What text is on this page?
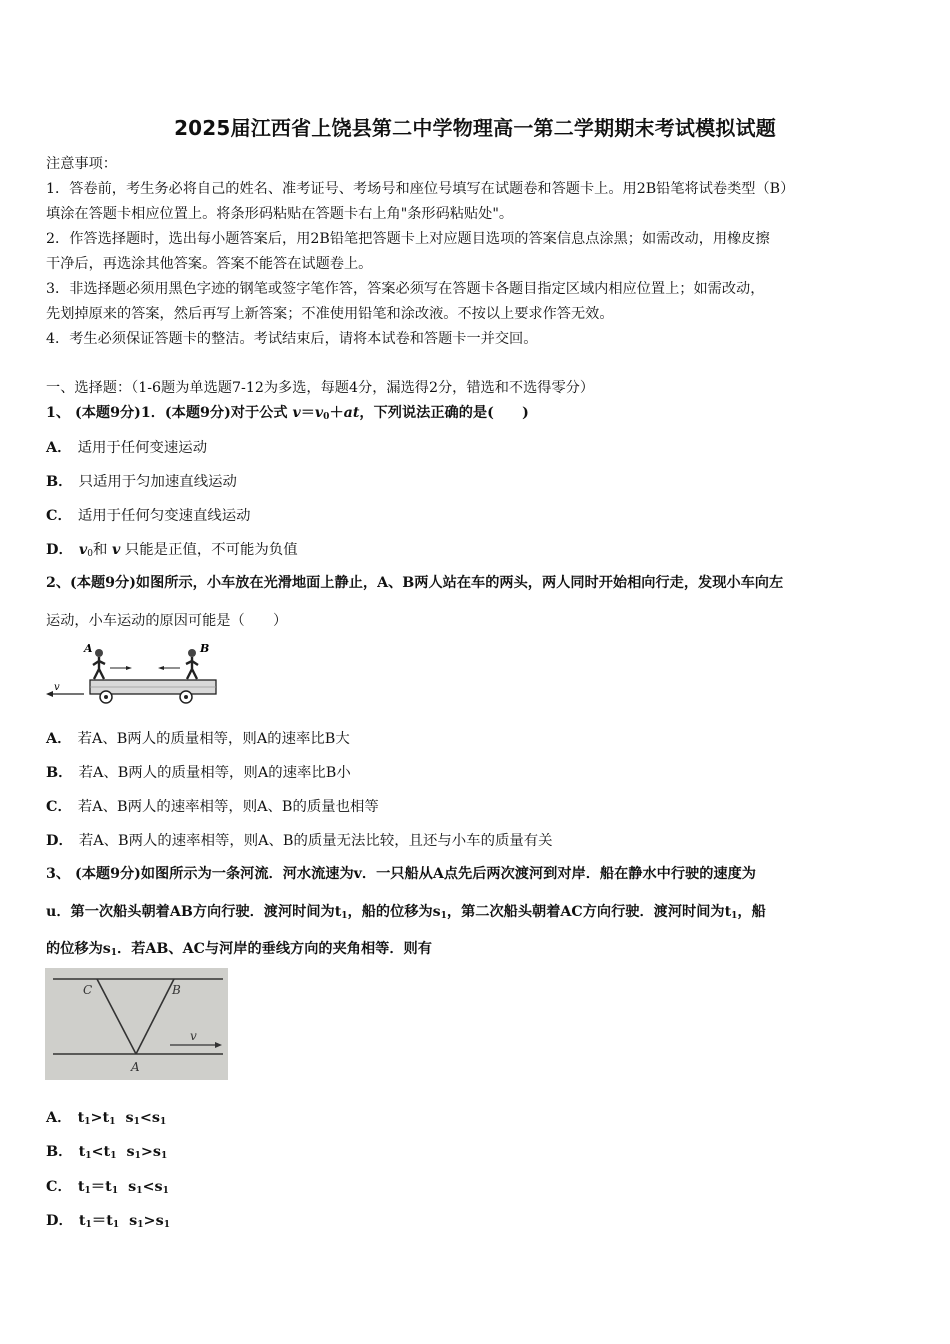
2025届江西省上饶县第二中学物理高一第二学期期末考试模拟试题
注意事项：
1．答卷前，考生务必将自己的姓名、准考证号、考场号和座位号填写在试题卷和答题卡上。用2B铅笔将试卷类型（B）
填涂在答题卡相应位置上。将条形码粘贴在答题卡右上角"条形码粘贴处"。
2．作答选择题时，选出每小题答案后，用2B铅笔把答题卡上对应题目选项的答案信息点涂黑；如需改动，用橡皮擦
干净后，再选涂其他答案。答案不能答在试题卷上。
3．非选择题必须用黑色字迹的钢笔或签字笔作答，答案必须写在答题卡各题目指定区域内相应位置上；如需改动，
先划掉原来的答案，然后再写上新答案；不准使用铅笔和涂改液。不按以上要求作答无效。
4．考生必须保证答题卡的整洁。考试结束后，请将本试卷和答题卡一并交回。
一、选择题：（1-6题为单选题7-12为多选，每题4分，漏选得2分，错选和不选得零分）
1、 (本题9分)1．(本题9分)对于公式 $v=v_0+at$，下列说法正确的是(　　)
A． 适用于任何变速运动
B． 只适用于匀加速直线运动
C． 适用于任何匀变速直线运动
D． $v_0$和 v 只能是正值，不可能为负值
2、(本题9分)如图所示，小车放在光滑地面上静止，A、B两人站在车的两头，两人同时开始相向行走，发现小车向左
运动，小车运动的原因可能是（　　）
v
A	B
A． 若A、B两人的质量相等，则A的速率比B大
B． 若A、B两人的质量相等，则A的速率比B小
C． 若A、B两人的速率相等，则A、B的质量也相等
D． 若A、B两人的速率相等，则A、B的质量无法比较，且还与小车的质量有关
3、 (本题9分)如图所示为一条河流．河水流速为v．一只船从A点先后两次渡河到对岸．船在静水中行驶的速度为
u．第一次船头朝着AB方向行驶．渡河时间为$t_1$，船的位移为$s_1$，第二次船头朝着AC方向行驶．渡河时间为$t_1$，船
的位移为$s_1$．若AB、AC与河岸的垂线方向的夹角相等．则有
C	B
A
v
A． $t_1>t_1$ $s_1<s_1$
B． $t_1<t_1$ $s_1>s_1$
C． $t_1=t_1$ $s_1<s_1$
D． $t_1=t_1$ $s_1>s_1$
